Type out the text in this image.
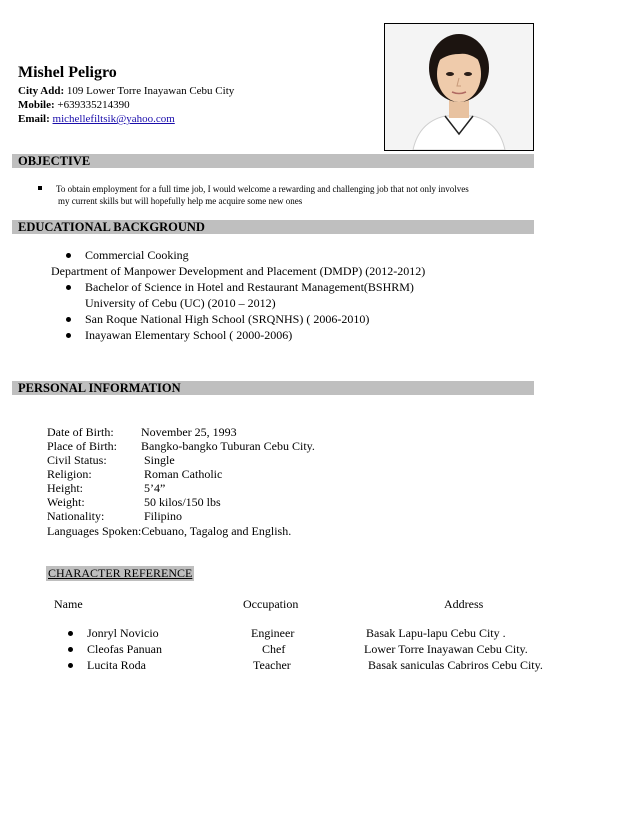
Mishel Peligro
City Add: 109 Lower Torre Inayawan Cebu City
Mobile: +639335214390
Email: michellefiltsik@yahoo.com
OBJECTIVE
To obtain employment for a full time job, I would welcome a rewarding and challenging job that not only involves
my current skills but will hopefully help me acquire some new ones
EDUCATIONAL BACKGROUND
Commercial Cooking
Department of Manpower Development and Placement (DMDP) (2012-2012)
Bachelor of Science in Hotel and Restaurant Management(BSHRM)
University of Cebu (UC) (2010 – 2012)
San Roque National High School (SRQNHS) ( 2006-2010)
Inayawan Elementary School ( 2000-2006)
PERSONAL INFORMATION
Date of Birth: November 25, 1993
Place of Birth: Bangko-bangko Tuburan Cebu City.
Civil Status:	Single
Religion:	Roman Catholic
Height:	5’4”
Weight:	50 kilos/150 lbs
Nationality:	Filipino
Languages Spoken:Cebuano, Tagalog and English.
CHARACTER REFERENCE
Name	Occupation	Address
Jonryl Novicio	Engineer	Basak Lapu-lapu Cebu City .
Cleofas Panuan	Chef	Lower Torre Inayawan Cebu City.
Lucita Roda	Teacher	Basak saniculas Cabriros Cebu City.
